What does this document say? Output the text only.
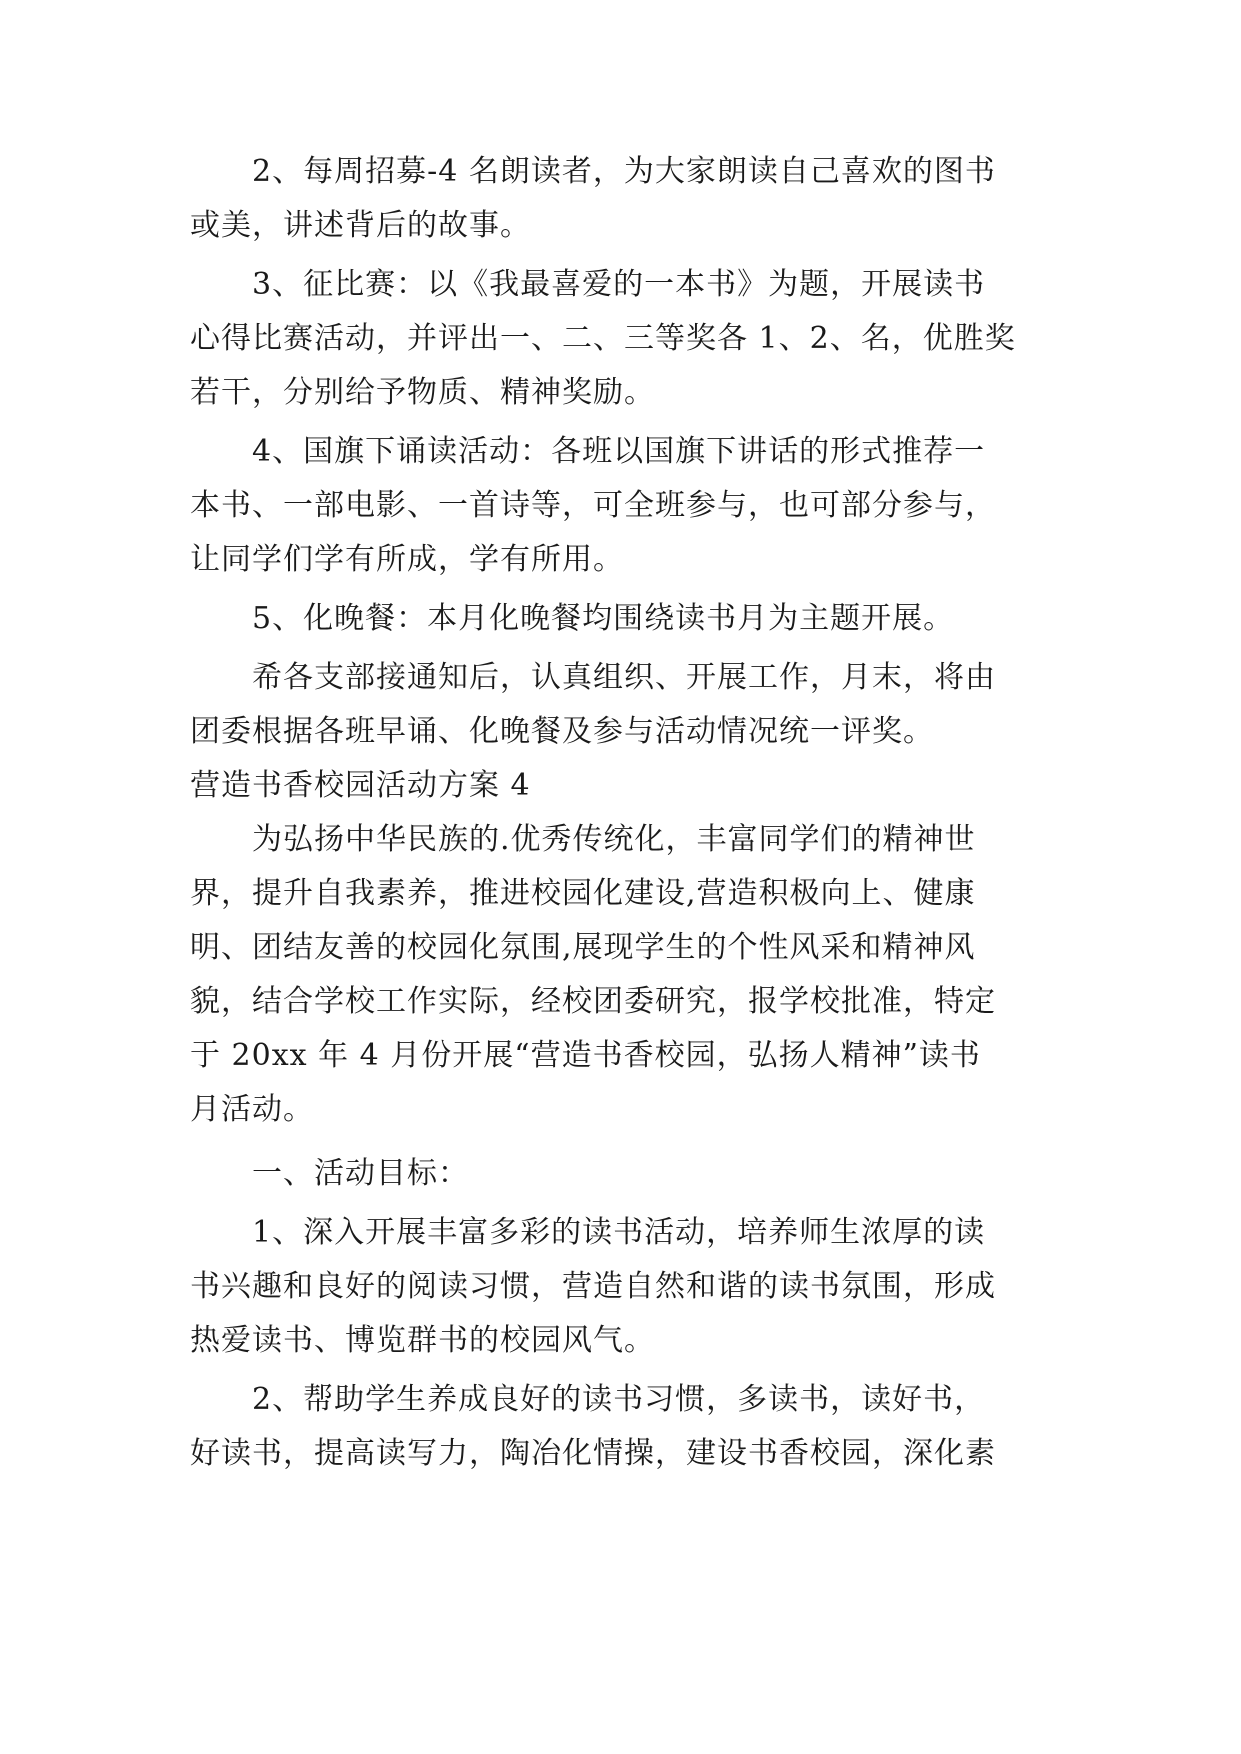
2、每周招募-4 名朗读者，为大家朗读自己喜欢的图书
或美，讲述背后的故事。
3、征比赛：以《我最喜爱的一本书》为题，开展读书
心得比赛活动，并评出一、二、三等奖各 1、2、名，优胜奖
若干，分别给予物质、精神奖励。
4、国旗下诵读活动：各班以国旗下讲话的形式推荐一
本书、一部电影、一首诗等，可全班参与，也可部分参与，
让同学们学有所成，学有所用。
5、化晚餐：本月化晚餐均围绕读书月为主题开展。
希各支部接通知后，认真组织、开展工作，月末，将由
团委根据各班早诵、化晚餐及参与活动情况统一评奖。
营造书香校园活动方案 4
为弘扬中华民族的.优秀传统化，丰富同学们的精神世
界，提升自我素养，推进校园化建设,营造积极向上、健康
明、团结友善的校园化氛围,展现学生的个性风采和精神风
貌，结合学校工作实际，经校团委研究，报学校批准，特定
于 20xx 年 4 月份开展“营造书香校园，弘扬人精神”读书
月活动。
一、活动目标：
1、深入开展丰富多彩的读书活动，培养师生浓厚的读
书兴趣和良好的阅读习惯，营造自然和谐的读书氛围，形成
热爱读书、博览群书的校园风气。
2、帮助学生养成良好的读书习惯，多读书，读好书，
好读书，提高读写力，陶冶化情操，建设书香校园，深化素
